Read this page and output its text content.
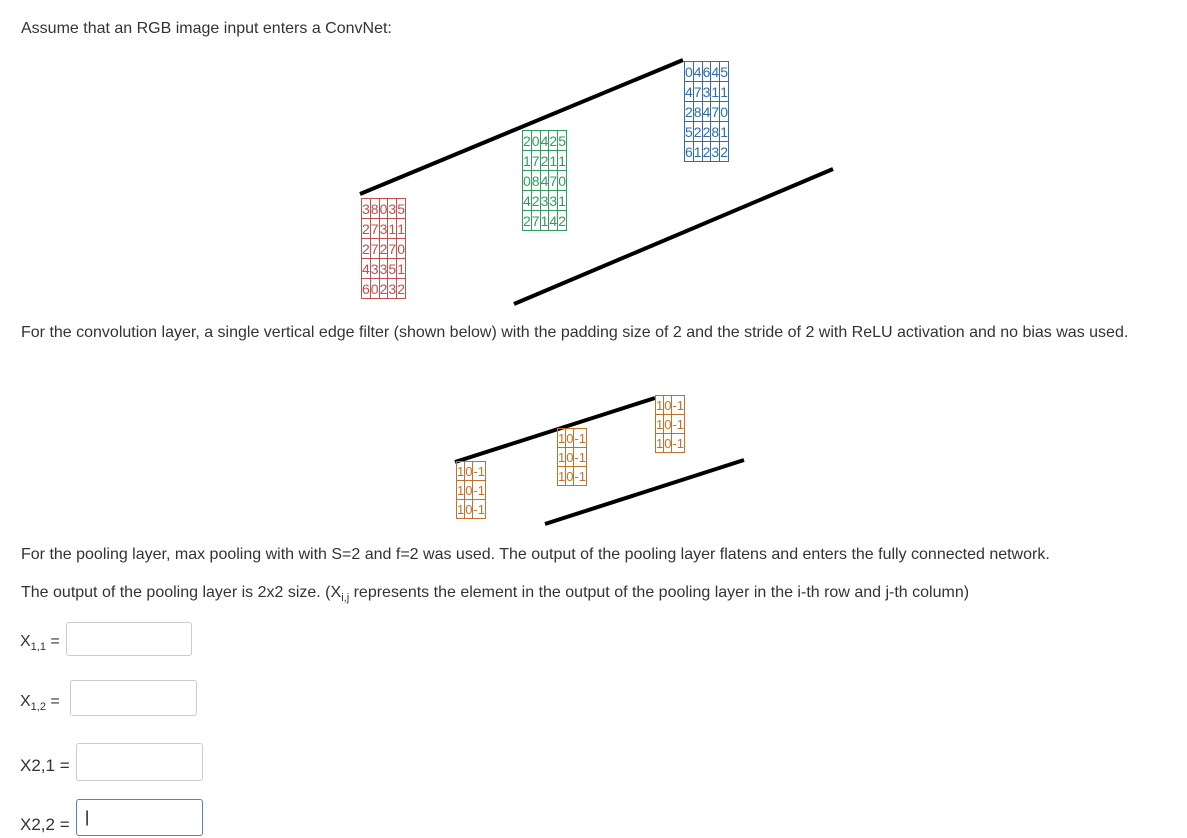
Assume that an RGB image input enters a ConvNet:

0	4	6	4	5
4	7	3	1	1
2	8	4	7	0
5	2	2	8	1
6	1	2	3	2
2	0	4	2	5
1	7	2	1	1
0	8	4	7	0
4	2	3	3	1
2	7	1	4	2
3	8	0	3	5
2	7	3	1	1
2	7	2	7	0
4	3	3	5	1
6	0	2	3	2

For the convolution layer, a single vertical edge filter (shown below) with the padding size of 2 and the stride of 2 with ReLU activation and no bias was used.

1	0	-1
1	0	-1
1	0	-1
1	0	-1
1	0	-1
1	0	-1
1	0	-1
1	0	-1
1	0	-1

For the pooling layer, max pooling with with S=2 and f=2 was used. The output of the pooling layer flatens and enters the fully connected network.

The output of the pooling layer is 2x2 size. ($X_{i,j}$ represents the element in the output of the pooling layer in the i-th row and j-th column)

$X_{1,1}$ =
$X_{1,2}$ =
X2,1 =
X2,2 =
|
